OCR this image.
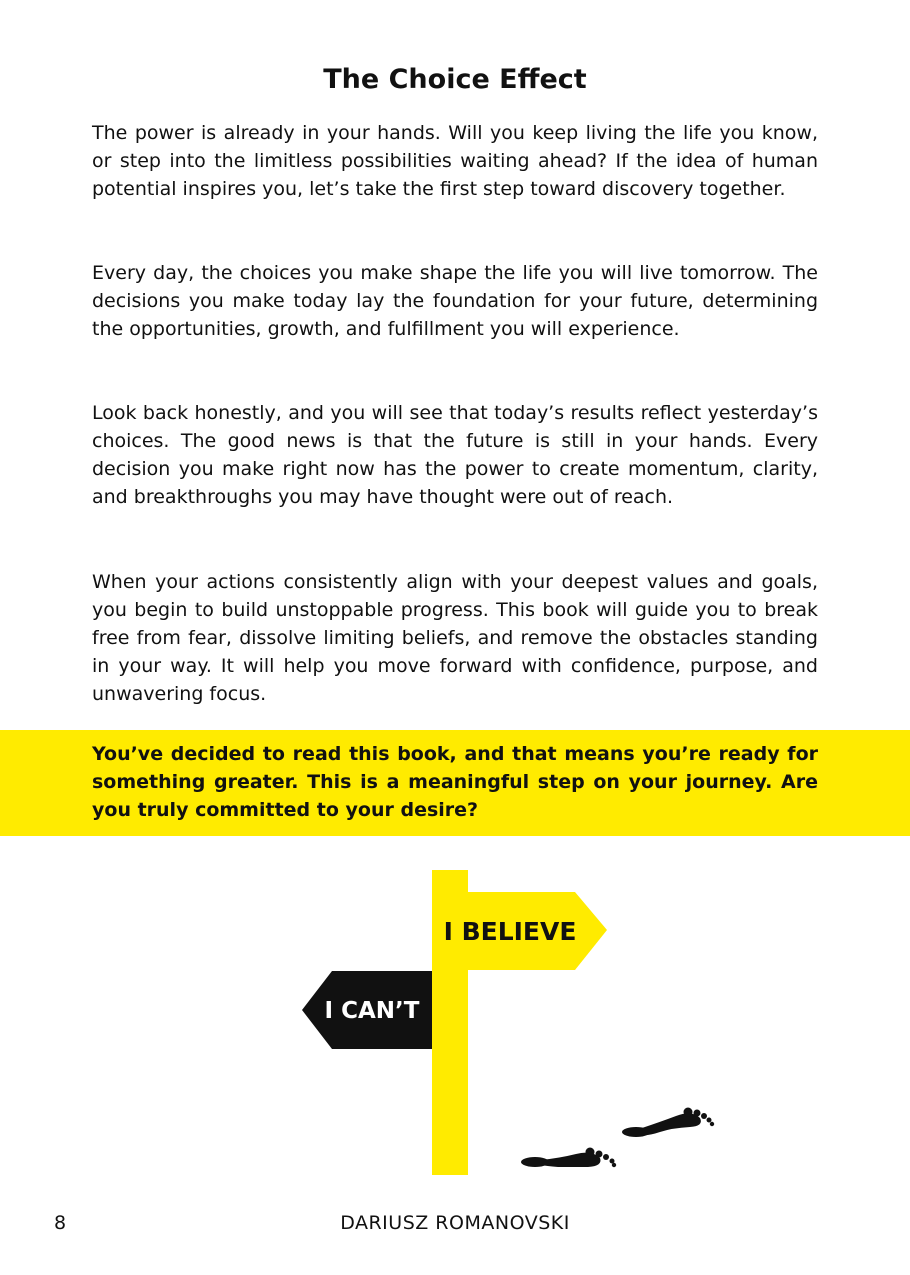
The Choice Effect

The power is already in your hands. Will you keep living the life you know, or step into the limitless possibilities waiting ahead? If the idea of human potential inspires you, let’s take the first step toward discovery together.

Every day, the choices you make shape the life you will live tomorrow. The decisions you make today lay the foundation for your future, determining the opportunities, growth, and fulfillment you will experience.

Look back honestly, and you will see that today’s results reflect yesterday’s choices. The good news is that the future is still in your hands. Every decision you make right now has the power to create momentum, clarity, and breakthroughs you may have thought were out of reach.

When your actions consistently align with your deepest values and goals, you begin to build unstoppable progress. This book will guide you to break free from fear, dissolve limiting beliefs, and remove the obstacles standing in your way. It will help you move forward with confidence, purpose, and unwavering focus.

You’ve decided to read this book, and that means you’re ready for something greater. This is a meaningful step on your journey. Are you truly committed to your desire?

I BELIEVE
I CAN’T

8	DARIUSZ ROMANOVSKI
